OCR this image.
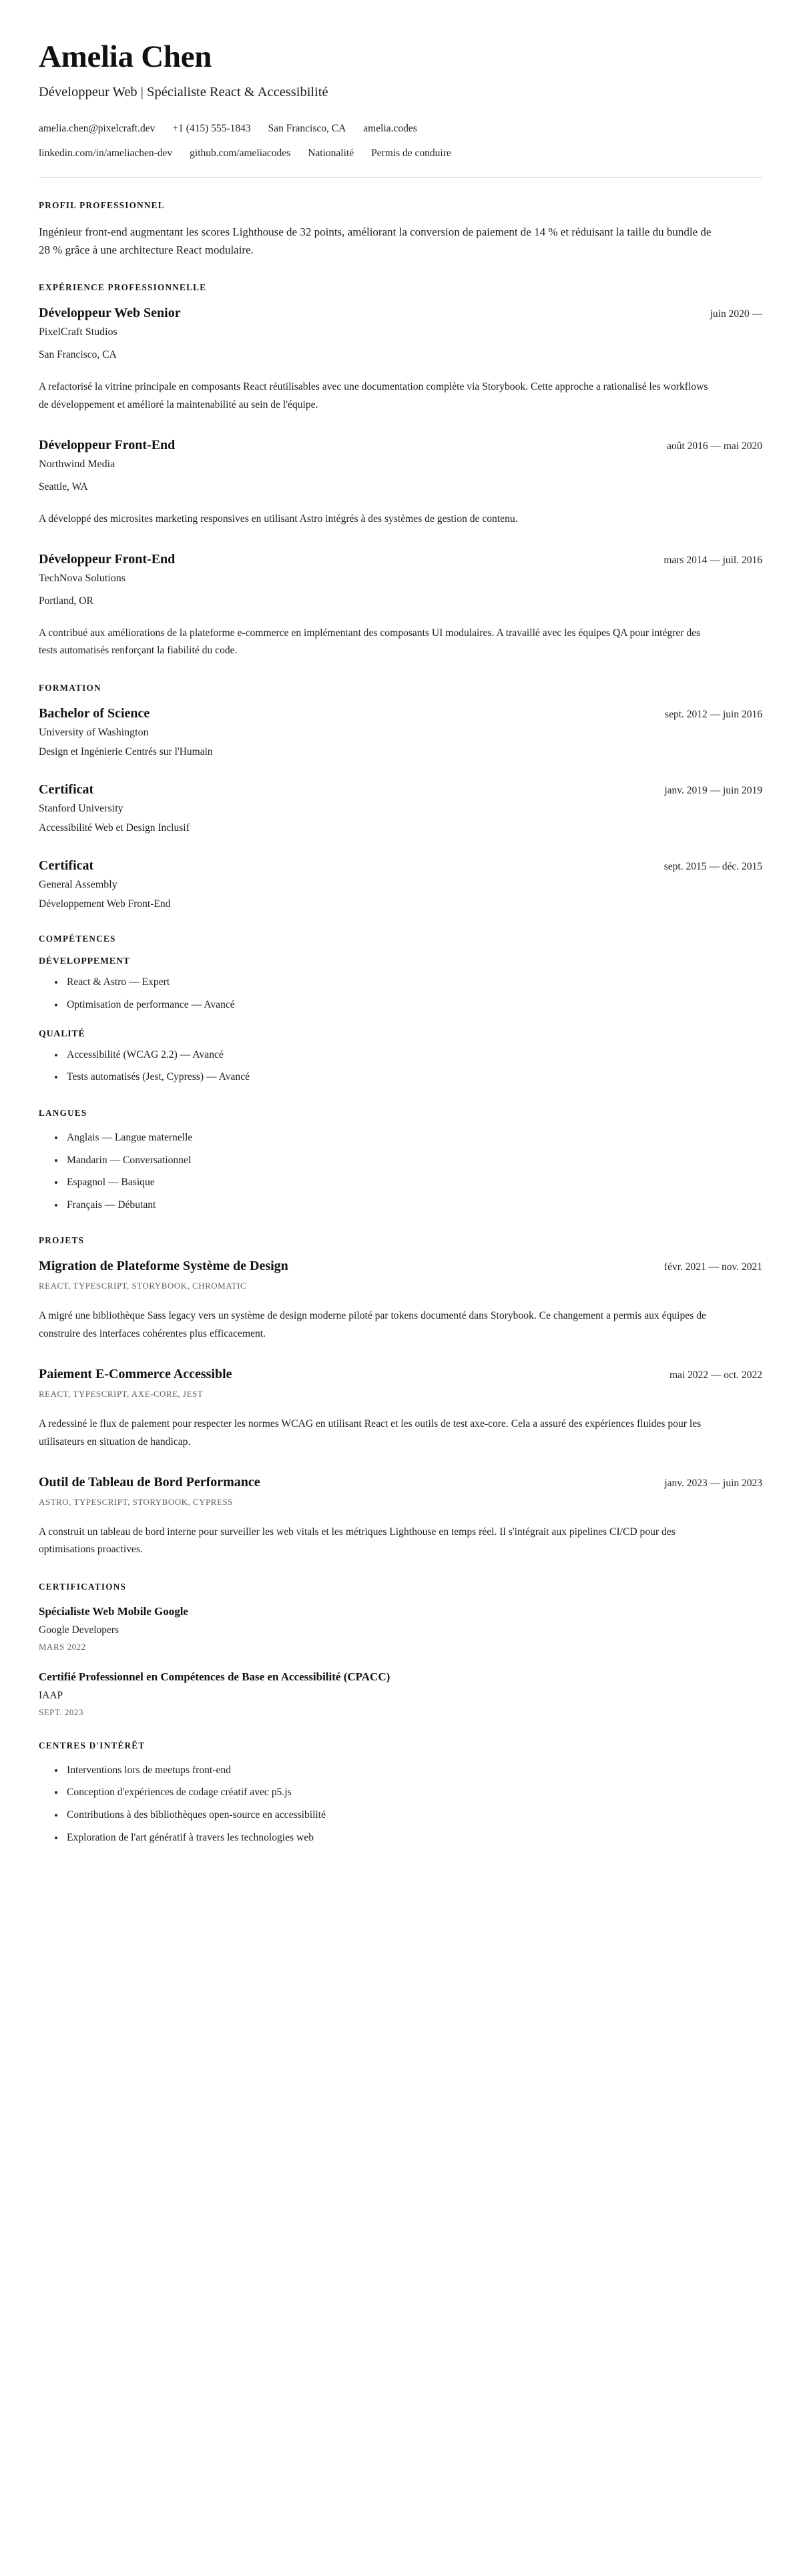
Amelia Chen
Développeur Web | Spécialiste React & Accessibilité
amelia.chen@pixelcraft.dev +1 (415) 555-1843 San Francisco, CA amelia.codes
linkedin.com/in/ameliachen-dev github.com/ameliacodes Nationalité Permis de conduire
PROFIL PROFESSIONNEL

Ingénieur front-end augmentant les scores Lighthouse de 32 points, améliorant la conversion de paiement de 14 % et réduisant la taille du bundle de 28 % grâce à une architecture React modulaire.

EXPÉRIENCE PROFESSIONNELLE
Développeur Web Senior	juin 2020 —
PixelCraft Studios
San Francisco, CA

A refactorisé la vitrine principale en composants React réutilisables avec une documentation complète via Storybook. Cette approche a rationalisé les workflows de développement et amélioré la maintenabilité au sein de l'équipe.

Développeur Front-End	août 2016 — mai 2020
Northwind Media
Seattle, WA

A développé des microsites marketing responsives en utilisant Astro intégrés à des systèmes de gestion de contenu.

Développeur Front-End	mars 2014 — juil. 2016
TechNova Solutions
Portland, OR

A contribué aux améliorations de la plateforme e-commerce en implémentant des composants UI modulaires. A travaillé avec les équipes QA pour intégrer des tests automatisés renforçant la fiabilité du code.

FORMATION
Bachelor of Science	sept. 2012 — juin 2016
University of Washington
Design et Ingénierie Centrés sur l'Humain
Certificat	janv. 2019 — juin 2019
Stanford University
Accessibilité Web et Design Inclusif
Certificat	sept. 2015 — déc. 2015
General Assembly
Développement Web Front-End
COMPÉTENCES
DÉVELOPPEMENT
React & Astro — Expert
Optimisation de performance — Avancé
QUALITÉ
Accessibilité (WCAG 2.2) — Avancé
Tests automatisés (Jest, Cypress) — Avancé
LANGUES
Anglais — Langue maternelle
Mandarin — Conversationnel
Espagnol — Basique
Français — Débutant
PROJETS
Migration de Plateforme Système de Design	févr. 2021 — nov. 2021
REACT, TYPESCRIPT, STORYBOOK, CHROMATIC

A migré une bibliothèque Sass legacy vers un système de design moderne piloté par tokens documenté dans Storybook. Ce changement a permis aux équipes de construire des interfaces cohérentes plus efficacement.

Paiement E-Commerce Accessible	mai 2022 — oct. 2022
REACT, TYPESCRIPT, AXE-CORE, JEST

A redessiné le flux de paiement pour respecter les normes WCAG en utilisant React et les outils de test axe-core. Cela a assuré des expériences fluides pour les utilisateurs en situation de handicap.

Outil de Tableau de Bord Performance	janv. 2023 — juin 2023
ASTRO, TYPESCRIPT, STORYBOOK, CYPRESS

A construit un tableau de bord interne pour surveiller les web vitals et les métriques Lighthouse en temps réel. Il s'intégrait aux pipelines CI/CD pour des optimisations proactives.

CERTIFICATIONS
Spécialiste Web Mobile Google
Google Developers
MARS 2022
Certifié Professionnel en Compétences de Base en Accessibilité (CPACC)
IAAP
SEPT. 2023
CENTRES D'INTÉRÊT
Interventions lors de meetups front-end
Conception d'expériences de codage créatif avec p5.js
Contributions à des bibliothèques open-source en accessibilité
Exploration de l'art génératif à travers les technologies web
